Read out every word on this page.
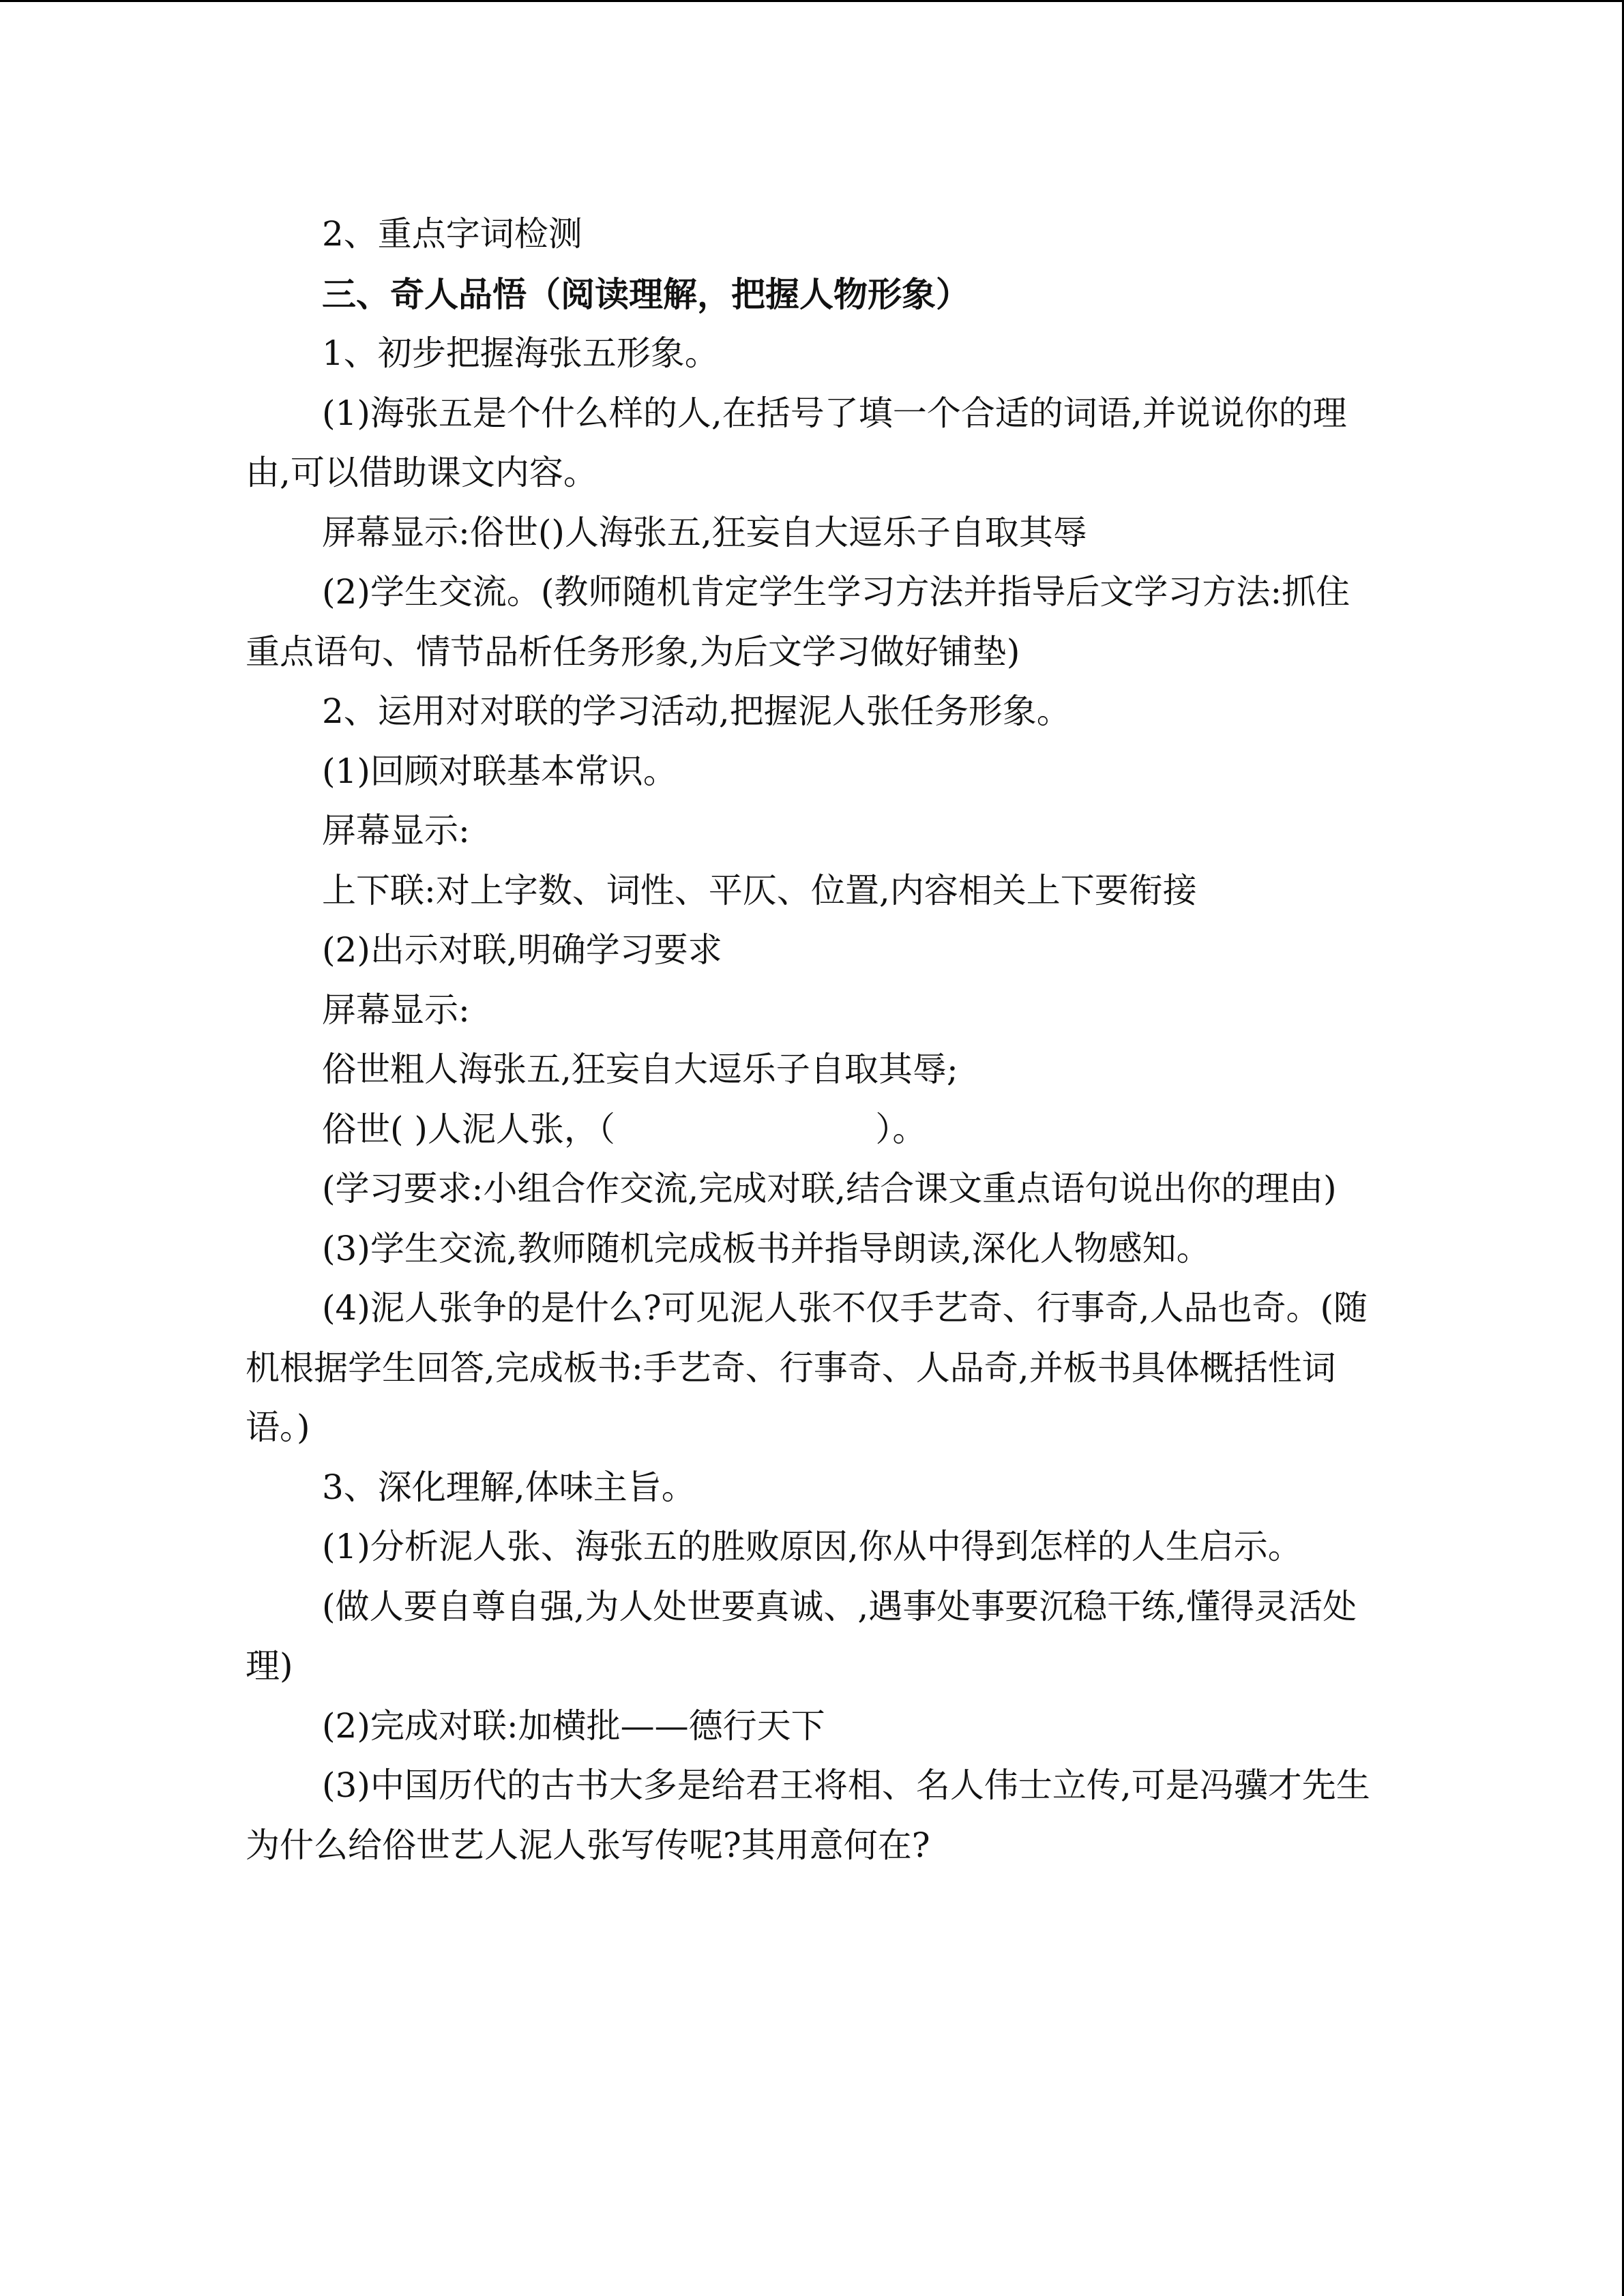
2、重点字词检测

三、奇人品悟（阅读理解，把握人物形象）

1、初步把握海张五形象。

(1)海张五是个什么样的人,在括号了填一个合适的词语,并说说你的理由,可以借助课文内容。

屏幕显示:俗世()人海张五,狂妄自大逗乐子自取其辱

(2)学生交流。(教师随机肯定学生学习方法并指导后文学习方法:抓住重点语句、情节品析任务形象,为后文学习做好铺垫)

2、运用对对联的学习活动,把握泥人张任务形象。

(1)回顾对联基本常识。

屏幕显示:

上下联:对上字数、词性、平仄、位置,内容相关上下要衔接

(2)出示对联,明确学习要求

屏幕显示:

俗世粗人海张五,狂妄自大逗乐子自取其辱;

俗世( )人泥人张，（                        ）。

(学习要求:小组合作交流,完成对联,结合课文重点语句说出你的理由)

(3)学生交流,教师随机完成板书并指导朗读,深化人物感知。

(4)泥人张争的是什么?可见泥人张不仅手艺奇、行事奇,人品也奇。(随机根据学生回答,完成板书:手艺奇、行事奇、人品奇,并板书具体概括性词语。)

3、深化理解,体味主旨。

(1)分析泥人张、海张五的胜败原因,你从中得到怎样的人生启示。

(做人要自尊自强,为人处世要真诚、,遇事处事要沉稳干练,懂得灵活处理)

(2)完成对联:加横批——德行天下

(3)中国历代的古书大多是给君王将相、名人伟士立传,可是冯骥才先生为什么给俗世艺人泥人张写传呢?其用意何在?
